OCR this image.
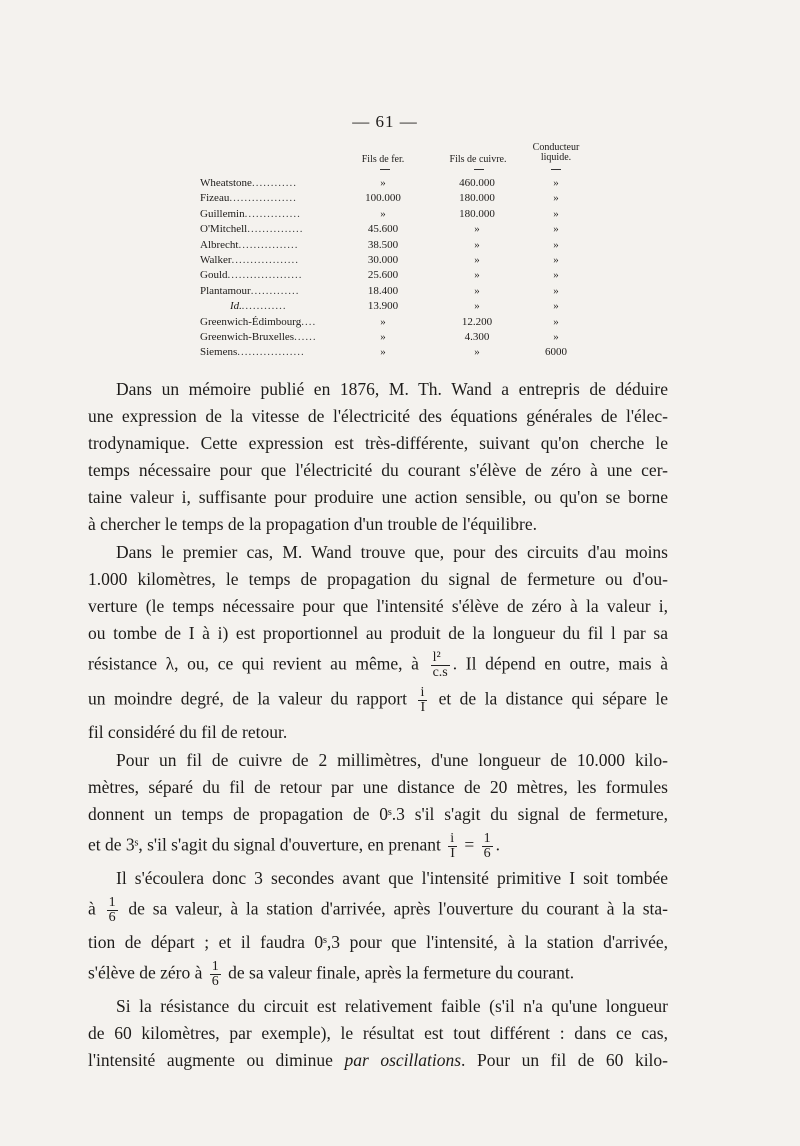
— 61 —
Fils de fer.	Fils de cuivre.
Conducteur
liquide.
Wheatstone............	»	460.000	»
Fizeau..................	100.000	180.000	»
Guillemin...............	»	180.000	»
O'Mitchell...............	45.600	»	»
Albrecht................	38.500	»	»
Walker..................	30.000	»	»
Gould....................	25.600	»	»
Plantamour.............	18.400	»	»
Id.............	13.900	»	»
Greenwich-Édimbourg....	»	12.200	»
Greenwich-Bruxelles......	»	4.300	»
Siemens..................	»	»	6000
Dans un mémoire publié en 1876, M. Th. Wand a entrepris de déduire
une expression de la vitesse de l'électricité des équations générales de l'élec-
trodynamique. Cette expression est très-différente, suivant qu'on cherche le
temps nécessaire pour que l'électricité du courant s'élève de zéro à une cer-
taine valeur i, suffisante pour produire une action sensible, ou qu'on se borne
à chercher le temps de la propagation d'un trouble de l'équilibre.
Dans le premier cas, M. Wand trouve que, pour des circuits d'au moins
1.000 kilomètres, le temps de propagation du signal de fermeture ou d'ou-
verture (le temps nécessaire pour que l'intensité s'élève de zéro à la valeur i,
ou tombe de I à i) est proportionnel au produit de la longueur du fil l par sa
résistance λ, ou, ce qui revient au même, à $\frac{\text{l²}}{c.s}$ . Il dépend en outre, mais à
un moindre degré, de la valeur du rapport $\frac{i}{I}$ et de la distance qui sépare le
fil considéré du fil de retour.
Pour un fil de cuivre de 2 millimètres, d'une longueur de 10.000 kilo-
mètres, séparé du fil de retour par une distance de 20 mètres, les formules
donnent un temps de propagation de 0ˢ.3 s'il s'agit du signal de fermeture,
et de 3ˢ, s'il s'agit du signal d'ouverture, en prenant $\frac{i}{I} = \frac{1}{6}$ .
Il s'écoulera donc 3 secondes avant que l'intensité primitive I soit tombée
à $\frac{1}{6}$ de sa valeur, à la station d'arrivée, après l'ouverture du courant à la sta-
tion de départ ; et il faudra 0ˢ,3 pour que l'intensité, à la station d'arrivée,
s'élève de zéro à $\frac{1}{6}$ de sa valeur finale, après la fermeture du courant.
Si la résistance du circuit est relativement faible (s'il n'a qu'une longueur
de 60 kilomètres, par exemple), le résultat est tout différent : dans ce cas,
l'intensité augmente ou diminue par oscillations. Pour un fil de 60 kilo-
